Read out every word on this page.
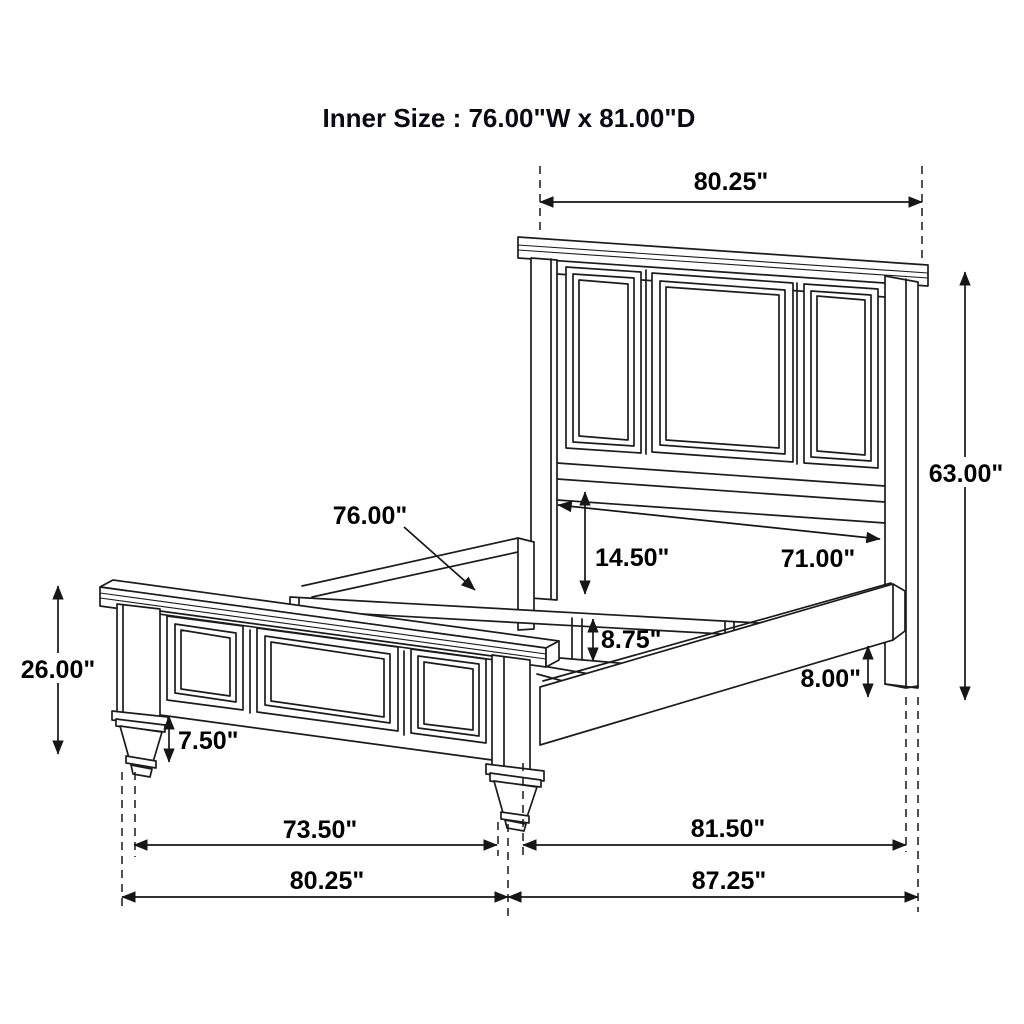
Inner Size : 76.00"W x 81.00"D
80.25"
63.00"
76.00"
14.50"	71.00"
8.75"
8.00"
26.00"
7.50"
73.50"	81.50"
80.25"	87.25"
